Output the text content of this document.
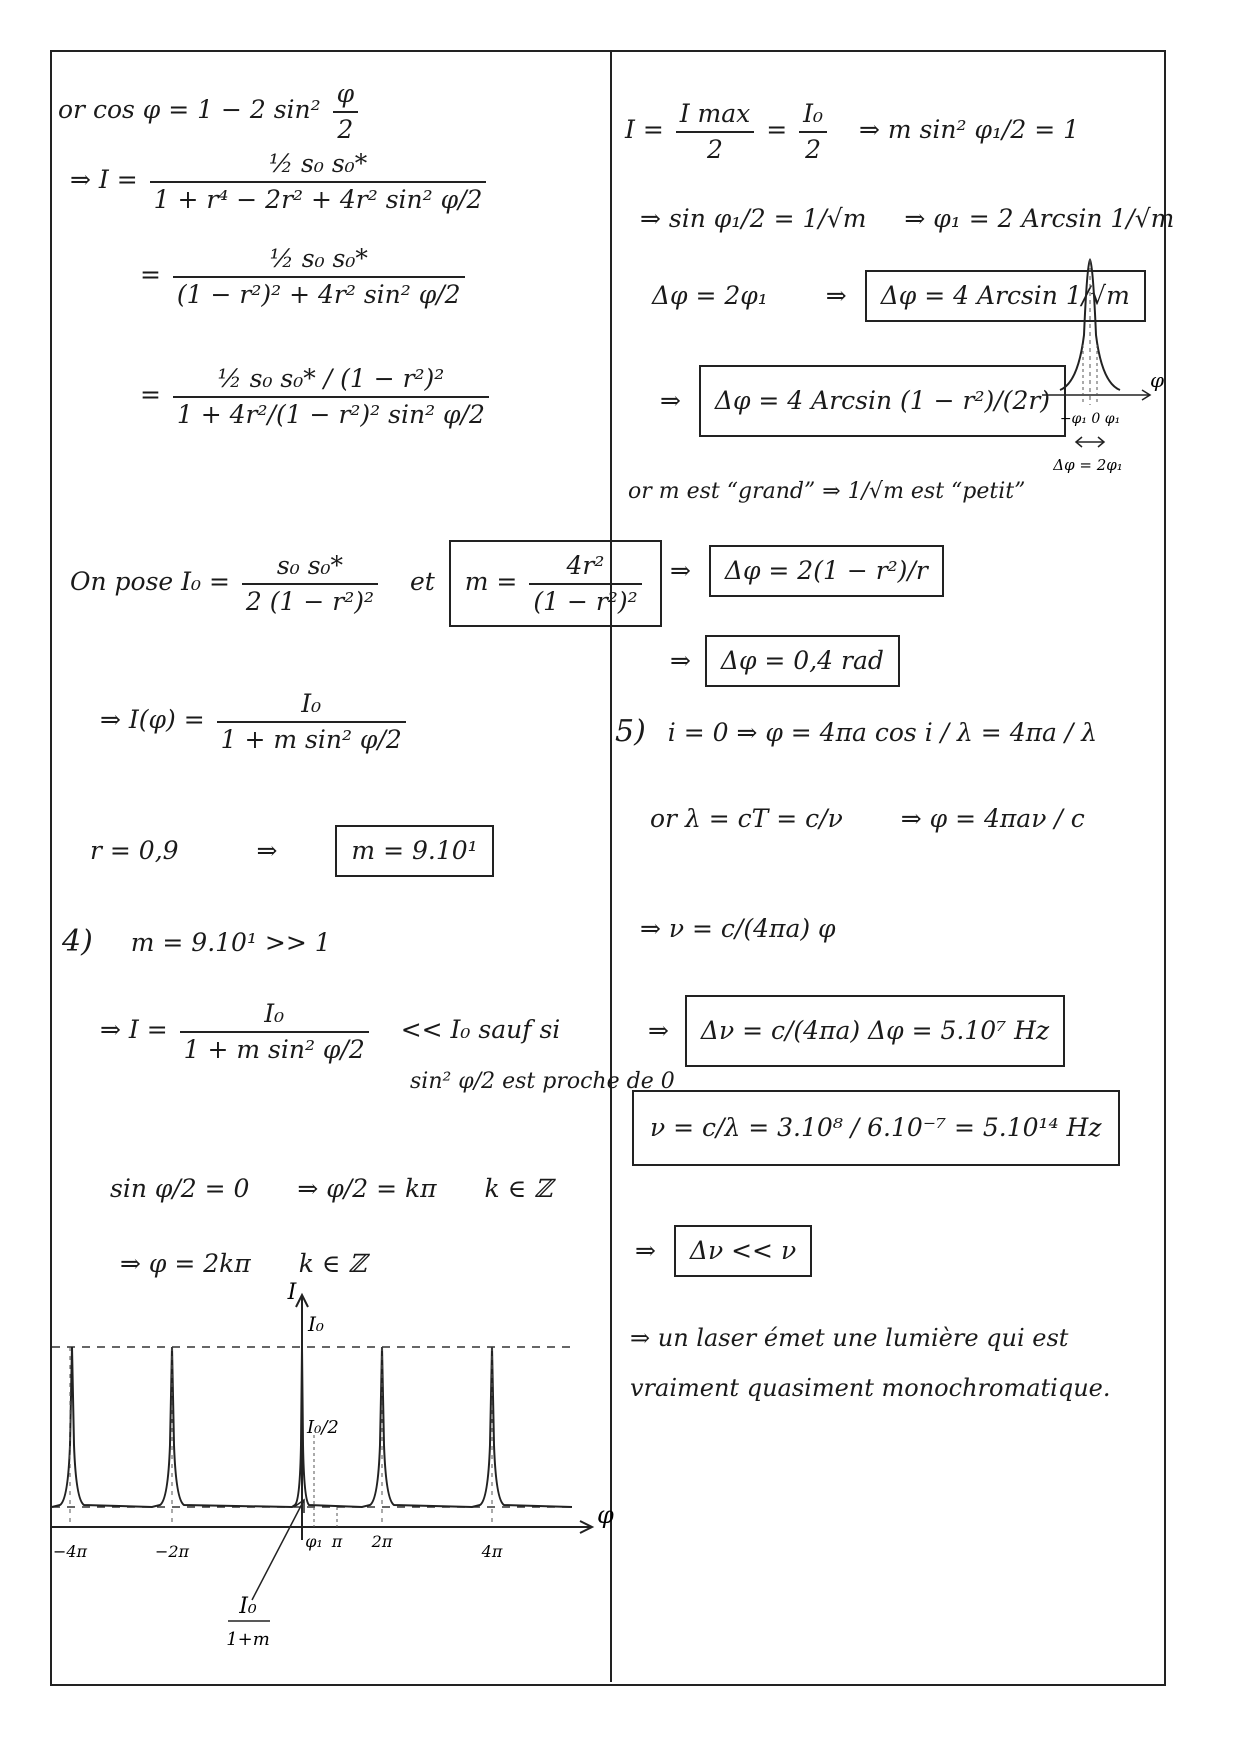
or cos φ = 1 − 2 $\sin^2 \frac{\varphi}{2}$
⇒ $I = \frac{\text{½ s₀ s₀*}}{\text{1 + r⁴ − 2r² + 4r² sin² φ/2}}$
= $\frac{\text{½ s₀ s₀*}}{\text{(1 − r²)² + 4r² sin² φ/2}}$
= $\frac{\text{½ s₀ s₀* / (1 − r²)²}}{\text{1 + 4r²/(1 − r²)² sin² φ/2}}$
On pose $I_0 = \frac{\text{s₀ s₀*}}{\text{2 (1 − r²)²}}$ et $m = \frac{\text{4r²}}{\text{(1 − r²)²}}$
⇒ $I(\varphi) = \frac{\text{I₀}}{\text{1 + m sin² φ/2}}$
r = 0,9	⇒	m = 9.10¹
4) m = 9.10¹ >> 1
⇒ $I = \frac{\text{I₀}}{\text{1 + m sin² φ/2}} << I_0$ sauf si
sin² φ/2 est proche de 0
sin φ/2 = 0 ⇒ φ/2 = kπ k ∈ ℤ
⇒ φ = 2kπ k ∈ ℤ
I
I₀
I₀/2
φ
−4π	−2π
φ₁ π 2π
4π
I₀
1+m
$I = \frac{\text{I max}}{2} = \frac{\text{I₀}}{2}$ ⇒ m sin² φ₁/2 = 1
⇒ sin φ₁/2 = 1/√m ⇒ φ₁ = 2 Arcsin 1/√m
Δφ = 2φ₁ ⇒ Δφ = 4 Arcsin 1/√m
⇒ Δφ = 4 Arcsin (1 − r²)/(2r)
φ
−φ₁ 0 φ₁
Δφ = 2φ₁
or m est “grand” ⇒ 1/√m est “petit”
⇒ Δφ = 2(1 − r²)/r
⇒ Δφ = 0,4 rad
5) i = 0 ⇒ φ = 4πa cos i / λ = 4πa / λ
or λ = cT = c/ν ⇒ φ = 4πaν / c
⇒ ν = c/(4πa) φ
⇒ Δν = c/(4πa) Δφ = 5.10⁷ Hz
ν = c/λ = 3.10⁸ / 6.10⁻⁷ = 5.10¹⁴ Hz
⇒ Δν << ν
⇒ un laser émet une lumière qui est
vraiment quasiment monochromatique.
